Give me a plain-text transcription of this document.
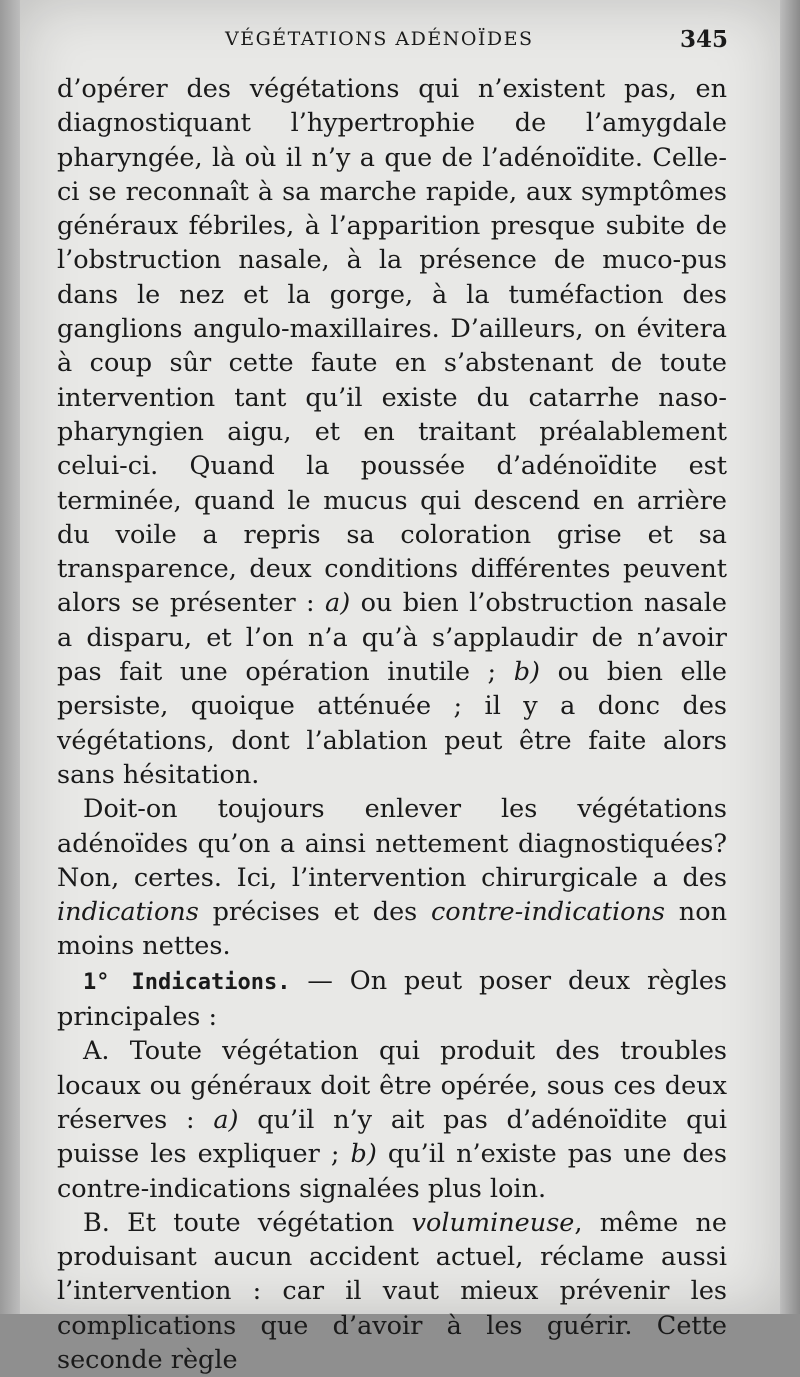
VÉGÉTATIONS ADÉNOÏDES	345

d’opérer des végétations qui n’existent pas, en diagnostiquant l’hypertrophie de l’amygdale pharyngée, là où il n’y a que de l’adénoïdite. Celle-ci se reconnaît à sa marche rapide, aux symptômes généraux fébriles, à l’apparition presque subite de l’obstruction nasale, à la présence de muco-pus dans le nez et la gorge, à la tuméfaction des ganglions angulo-maxillaires. D’ailleurs, on évitera à coup sûr cette faute en s’abstenant de toute intervention tant qu’il existe du catarrhe naso-pharyngien aigu, et en traitant préalablement celui-ci. Quand la poussée d’adénoïdite est terminée, quand le mucus qui descend en arrière du voile a repris sa coloration grise et sa transparence, deux conditions différentes peuvent alors se présenter : a) ou bien l’obstruction nasale a disparu, et l’on n’a qu’à s’applaudir de n’avoir pas fait une opération inutile ; b) ou bien elle persiste, quoique atténuée ; il y a donc des végétations, dont l’ablation peut être faite alors sans hésitation.

Doit-on toujours enlever les végétations adénoïdes qu’on a ainsi nettement diagnostiquées? Non, certes. Ici, l’intervention chirurgicale a des indications précises et des contre-indications non moins nettes.

1° Indications. — On peut poser deux règles principales :

A. Toute végétation qui produit des troubles locaux ou généraux doit être opérée, sous ces deux réserves : a) qu’il n’y ait pas d’adénoïdite qui puisse les expliquer ; b) qu’il n’existe pas une des contre-indications signalées plus loin.

B. Et toute végétation volumineuse, même ne produisant aucun accident actuel, réclame aussi l’intervention : car il vaut mieux prévenir les complications que d’avoir à les guérir. Cette seconde règle
